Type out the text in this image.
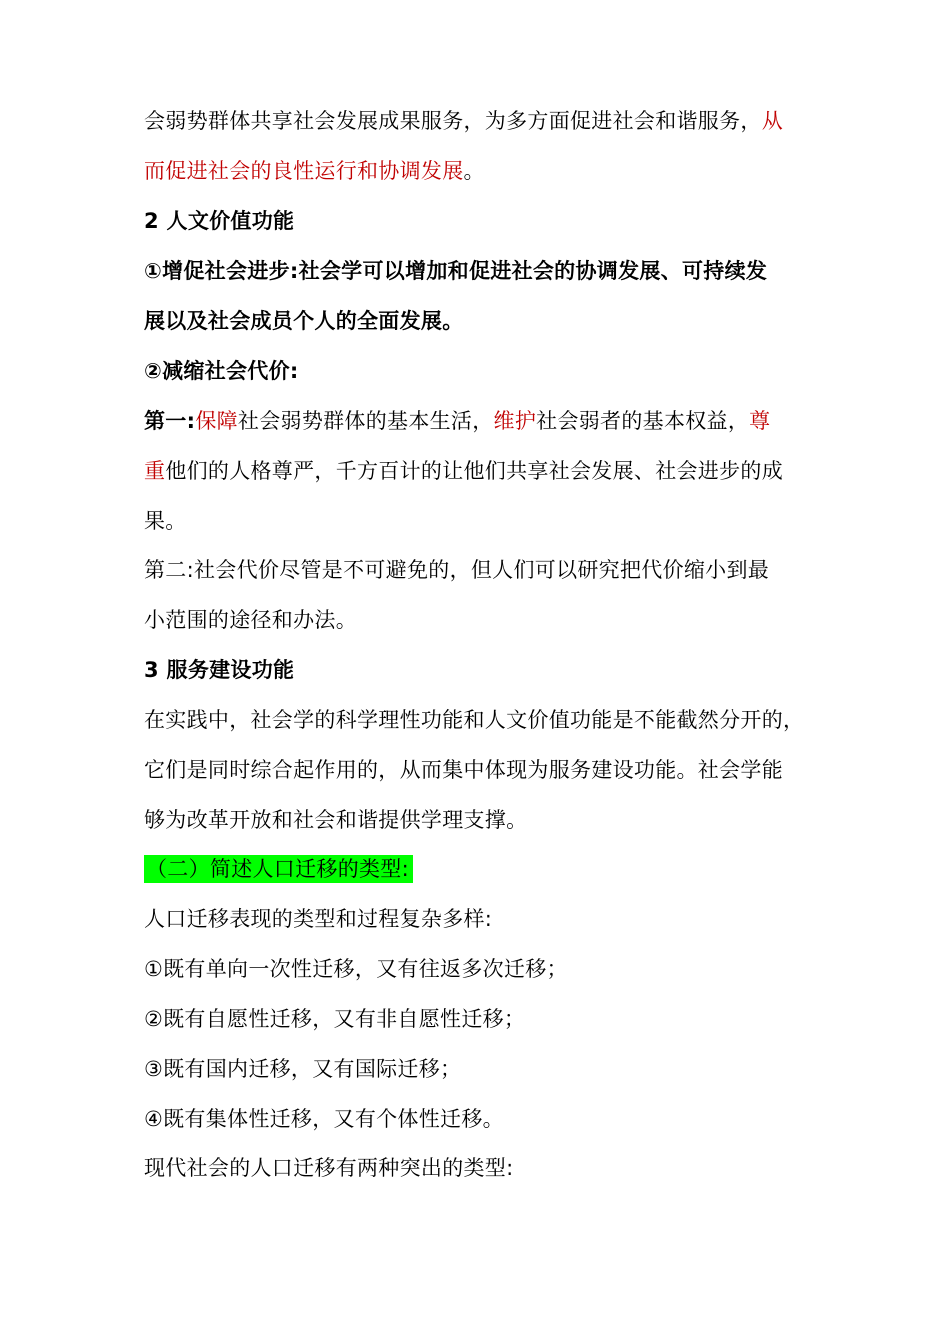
会弱势群体共享社会发展成果服务，为多方面促进社会和谐服务，从
而促进社会的良性运行和协调发展。
2 人文价值功能
①增促社会进步:社会学可以增加和促进社会的协调发展、可持续发
展以及社会成员个人的全面发展。
②减缩社会代价:
第一:保障社会弱势群体的基本生活，维护社会弱者的基本权益，尊
重他们的人格尊严，千方百计的让他们共享社会发展、社会进步的成
果。
第二:社会代价尽管是不可避免的，但人们可以研究把代价缩小到最
小范围的途径和办法。
3 服务建设功能
在实践中，社会学的科学理性功能和人文价值功能是不能截然分开的，
它们是同时综合起作用的，从而集中体现为服务建设功能。社会学能
够为改革开放和社会和谐提供学理支撑。
（二）简述人口迁移的类型:
人口迁移表现的类型和过程复杂多样:
①既有单向一次性迁移，又有往返多次迁移；
②既有自愿性迁移，又有非自愿性迁移；
③既有国内迁移，又有国际迁移；
④既有集体性迁移，又有个体性迁移。
现代社会的人口迁移有两种突出的类型:
